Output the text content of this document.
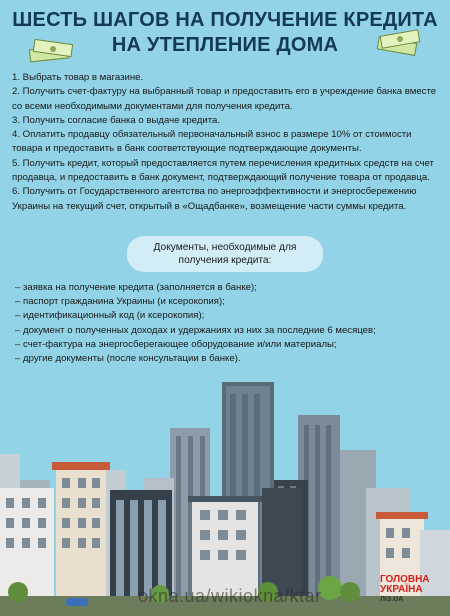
ШЕСТЬ ШАГОВ НА ПОЛУЧЕНИЕ КРЕДИТА
НА УТЕПЛЕНИЕ ДОМА

1. Выбрать товар в магазине.

2. Получить счет-фактуру на выбранный товар и предоставить его в учреждение банка вместе со всеми необходимыми документами для получения кредита.

3. Получить согласие банка о выдаче кредита.

4. Оплатить продавцу обязательный первоначальный взнос в размере 10% от стоимости товара и предоставить в банк соответствующие подтверждающие документы.

5. Получить кредит, который предоставляется путем перечисления кредитных средств на счет продавца, и предоставить в банк документ, подтверждающий получение товара от продавца.

6. Получить от Государственного агентства по энергоэффективности и энергосбережению Украины на текущий счет, открытый в «Ощадбанке», возмещение части суммы кредита.

Документы, необходимые для
получения кредита:

– заявка на получение кредита (заполняется в банке);

– паспорт гражданина Украины (и ксерокопия);

– идентификационный код (и ксерокопия);

– документ о полученных доходах и удержаниях из них за последние 6 месяцев;

– счет-фактура на энергосберегающее оборудование и/или материалы;

– другие документы (после консультации в банке).

okna.ua/wikiokna/ktar
ГОЛОВНА
УКРАЇНА
ЛІЗ.UA
